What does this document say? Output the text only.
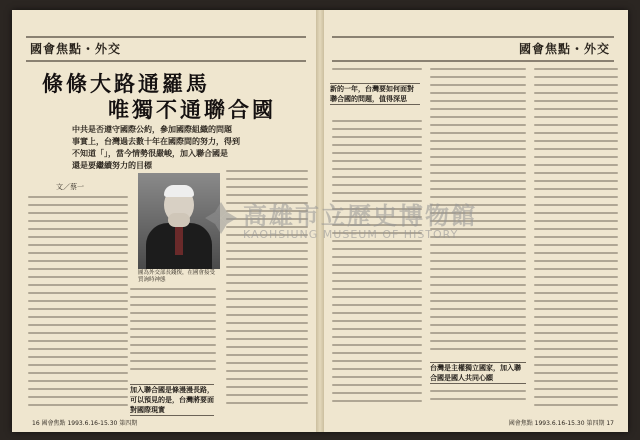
國會焦點・外交
條條大路通羅馬
唯獨不通聯合國
中共是否遵守國際公約，參加國際組織的問題
事實上，台灣過去數十年在國際間的努力，得到
不知道「」，當今情勢很嚴峻，加入聯合國是
還是要繼續努力的目標
文／蔡一
圖為外交部長錢復，在國會接受質詢時神態
加入聯合國是條漫漫長路，可以預見的是，台灣將要面對國際現實
16 國會焦點 1993.6.16-15.30 第四期
國會焦點・外交
新的一年，台灣要如何面對聯合國的問題，值得深思
台灣是主權獨立國家，加入聯合國是國人共同心願
國會焦點 1993.6.16-15.30 第四期 17
高雄市立歷史博物館
KAOHSIUNG MUSEUM OF HISTORY
